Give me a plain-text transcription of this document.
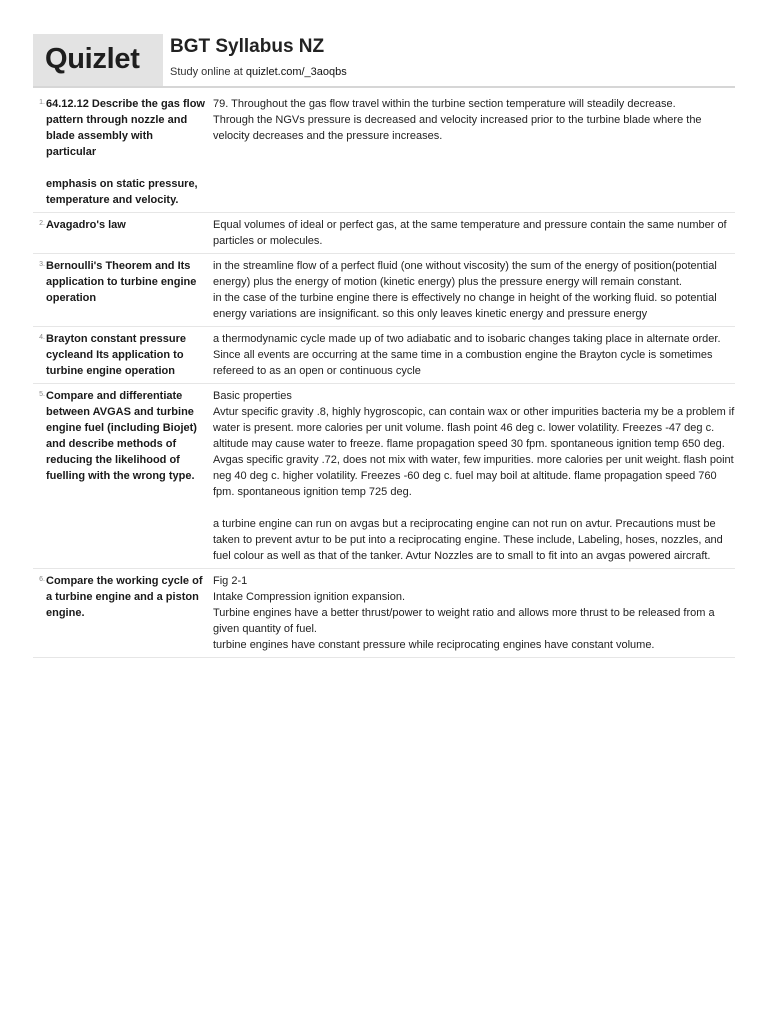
Quizlet BGT Syllabus NZ
Study online at quizlet.com/_3aoqbs
1. 64.12.12 Describe the gas flow pattern through nozzle and blade assembly with particular

emphasis on static pressure, temperature and velocity.
79. Throughout the gas flow travel within the turbine section temperature will steadily decrease.
Through the NGVs pressure is decreased and velocity increased prior to the turbine blade where the velocity decreases and the pressure increases.
2. Avagadro's law	Equal volumes of ideal or perfect gas, at the same temperature and pressure contain the same number of particles or molecules.
3. Bernoulli's Theorem and Its application to turbine engine operation
in the streamline flow of a perfect fluid (one without viscosity) the sum of the energy of position(potential energy) plus the energy of motion (kinetic energy) plus the pressure energy will remain constant.
in the case of the turbine engine there is effectively no change in height of the working fluid. so potential energy variations are insignificant. so this only leaves kinetic energy and pressure energy
4. Brayton constant pressure cycleand Its application to turbine engine operation
a thermodynamic cycle made up of two adiabatic and to isobaric changes taking place in alternate order. Since all events are occurring at the same time in a combustion engine the Brayton cycle is sometimes refereed to as an open or continuous cycle
5. Compare and differentiate between AVGAS and turbine engine fuel (including Biojet)
and describe methods of reducing the likelihood of fuelling with the wrong type.
Basic properties
Avtur specific gravity .8, highly hygroscopic, can contain wax or other impurities bacteria my be a problem if water is present. more calories per unit volume. flash point 46 deg c. lower volatility. Freezes -47 deg c. altitude may cause water to freeze. flame propagation speed 30 fpm. spontaneous ignition temp 650 deg.
Avgas specific gravity .72, does not mix with water, few impurities. more calories per unit weight. flash point neg 40 deg c. higher volatility. Freezes -60 deg c. fuel may boil at altitude. flame propagation speed 760 fpm. spontaneous ignition temp 725 deg.

a turbine engine can run on avgas but a reciprocating engine can not run on avtur. Precautions must be taken to prevent avtur to be put into a reciprocating engine. These include, Labeling, hoses, nozzles, and fuel colour as well as that of the tanker. Avtur Nozzles are to small to fit into an avgas powered aircraft.
6. Compare the working cycle of a turbine engine and a piston engine.
Fig 2-1
Intake Compression ignition expansion.
Turbine engines have a better thrust/power to weight ratio and allows more thrust to be released from a given quantity of fuel.
turbine engines have constant pressure while reciprocating engines have constant volume.
